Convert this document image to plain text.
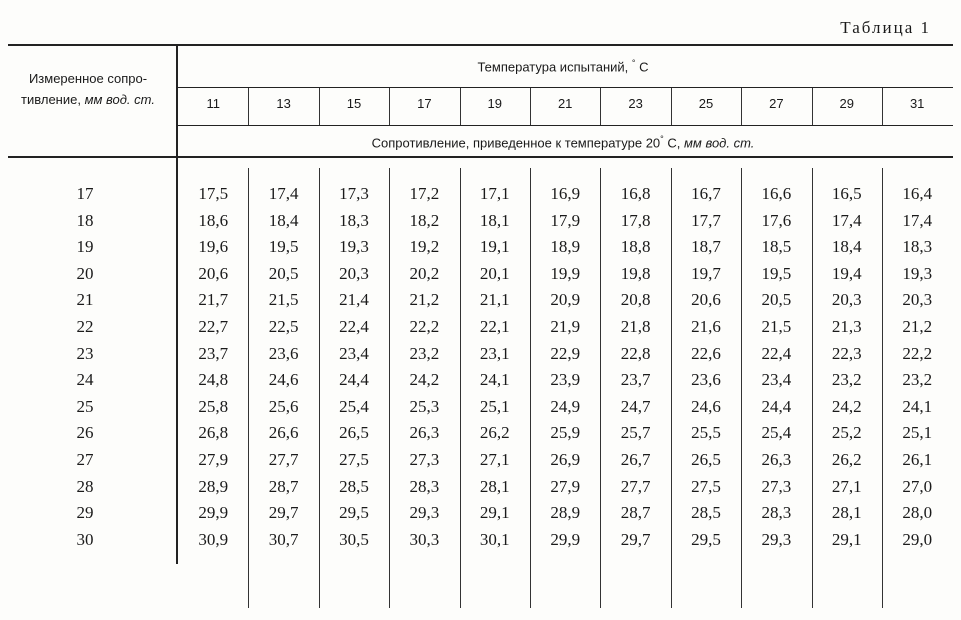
Таблица 1
Измеренное сопро-
тивление, мм вод. ст.
Температура испытаний, ° С
Сопротивление, приведенное к температуре 20° С, мм вод. ст.
11	13	15	17	19	21	23	25	27	29	31
17	17,5	17,4	17,3	17,2	17,1	16,9	16,8	16,7	16,6	16,5	16,4
18	18,6	18,4	18,3	18,2	18,1	17,9	17,8	17,7	17,6	17,4	17,4
19	19,6	19,5	19,3	19,2	19,1	18,9	18,8	18,7	18,5	18,4	18,3
20	20,6	20,5	20,3	20,2	20,1	19,9	19,8	19,7	19,5	19,4	19,3
21	21,7	21,5	21,4	21,2	21,1	20,9	20,8	20,6	20,5	20,3	20,3
22	22,7	22,5	22,4	22,2	22,1	21,9	21,8	21,6	21,5	21,3	21,2
23	23,7	23,6	23,4	23,2	23,1	22,9	22,8	22,6	22,4	22,3	22,2
24	24,8	24,6	24,4	24,2	24,1	23,9	23,7	23,6	23,4	23,2	23,2
25	25,8	25,6	25,4	25,3	25,1	24,9	24,7	24,6	24,4	24,2	24,1
26	26,8	26,6	26,5	26,3	26,2	25,9	25,7	25,5	25,4	25,2	25,1
27	27,9	27,7	27,5	27,3	27,1	26,9	26,7	26,5	26,3	26,2	26,1
28	28,9	28,7	28,5	28,3	28,1	27,9	27,7	27,5	27,3	27,1	27,0
29	29,9	29,7	29,5	29,3	29,1	28,9	28,7	28,5	28,3	28,1	28,0
30	30,9	30,7	30,5	30,3	30,1	29,9	29,7	29,5	29,3	29,1	29,0
